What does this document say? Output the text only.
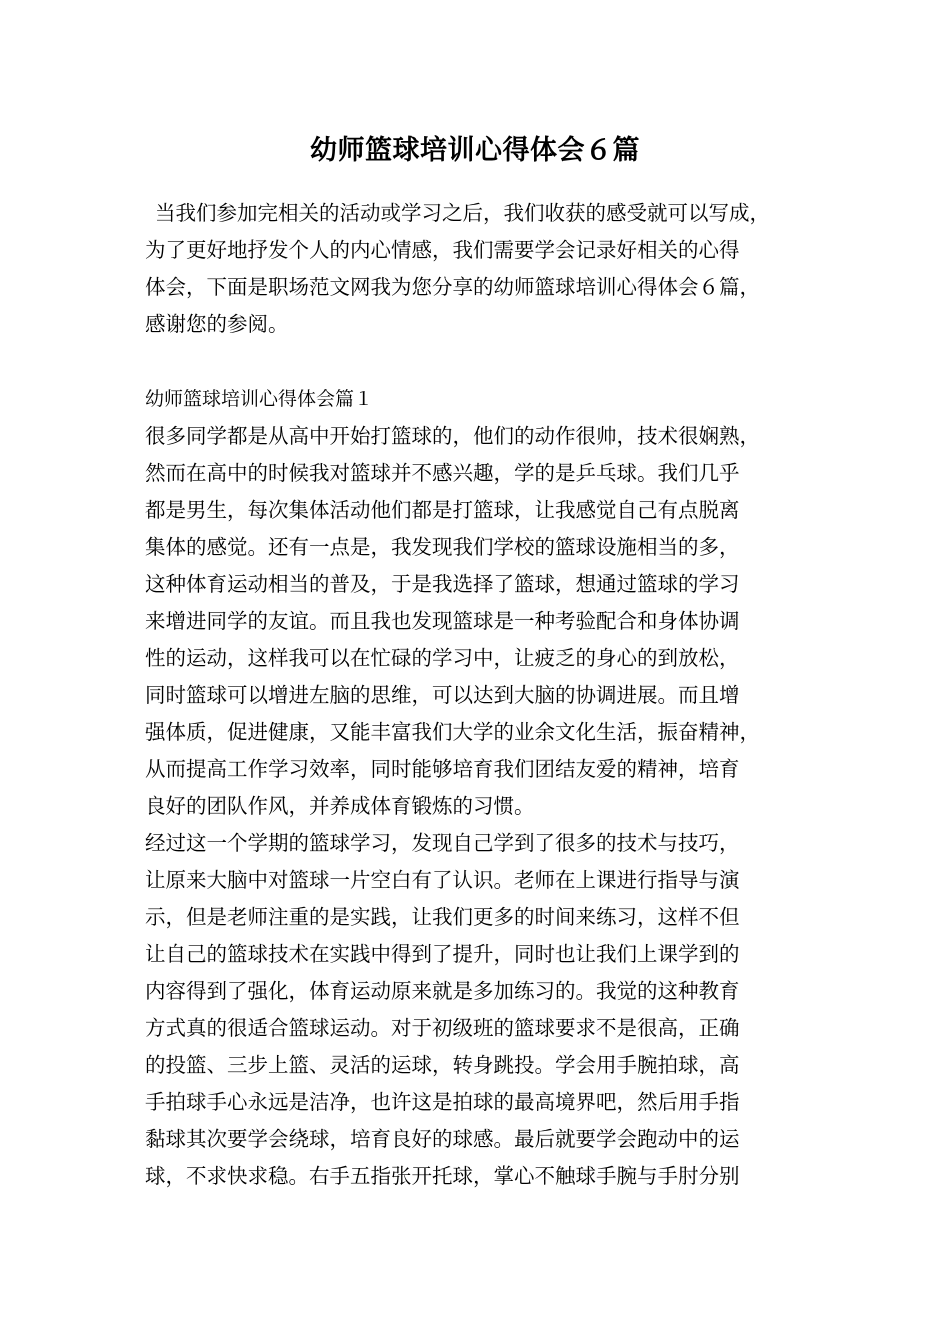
幼师篮球培训心得体会６篇
当我们参加完相关的活动或学习之后，我们收获的感受就可以写成，
为了更好地抒发个人的内心情感，我们需要学会记录好相关的心得
体会，下面是职场范文网我为您分享的幼师篮球培训心得体会６篇，
感谢您的参阅。
幼师篮球培训心得体会篇１
很多同学都是从高中开始打篮球的，他们的动作很帅，技术很娴熟，
然而在高中的时候我对篮球并不感兴趣，学的是乒乓球。我们几乎
都是男生，每次集体活动他们都是打篮球，让我感觉自己有点脱离
集体的感觉。还有一点是，我发现我们学校的篮球设施相当的多，
这种体育运动相当的普及，于是我选择了篮球，想通过篮球的学习
来增进同学的友谊。而且我也发现篮球是一种考验配合和身体协调
性的运动，这样我可以在忙碌的学习中，让疲乏的身心的到放松，
同时篮球可以增进左脑的思维，可以达到大脑的协调进展。而且增
强体质，促进健康，又能丰富我们大学的业余文化生活，振奋精神，
从而提高工作学习效率，同时能够培育我们团结友爱的精神，培育
良好的团队作风，并养成体育锻炼的习惯。
经过这一个学期的篮球学习，发现自己学到了很多的技术与技巧，
让原来大脑中对篮球一片空白有了认识。老师在上课进行指导与演
示，但是老师注重的是实践，让我们更多的时间来练习，这样不但
让自己的篮球技术在实践中得到了提升，同时也让我们上课学到的
内容得到了强化，体育运动原来就是多加练习的。我觉的这种教育
方式真的很适合篮球运动。对于初级班的篮球要求不是很高，正确
的投篮、三步上篮、灵活的运球，转身跳投。学会用手腕拍球，高
手拍球手心永远是洁净，也许这是拍球的最高境界吧，然后用手指
黏球其次要学会绕球，培育良好的球感。最后就要学会跑动中的运
球，不求快求稳。右手五指张开托球，掌心不触球手腕与手肘分别
